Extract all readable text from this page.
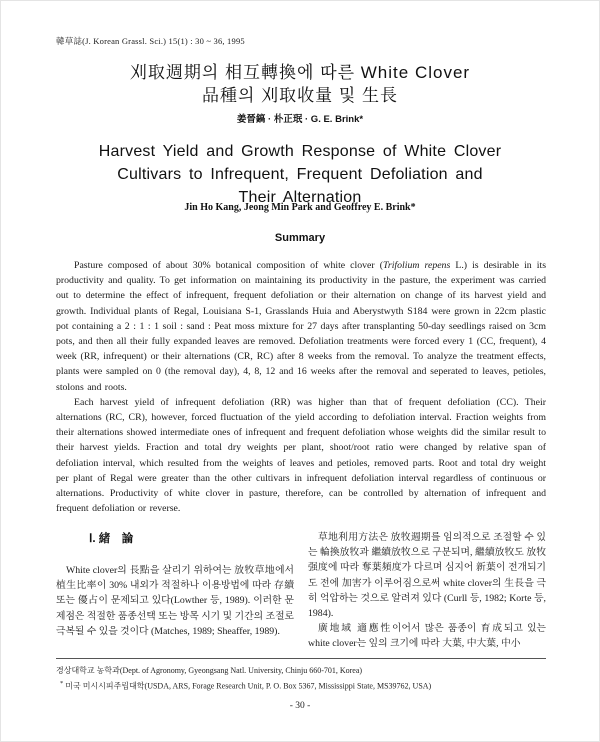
韓草誌(J. Korean Grassl. Sci.) 15(1) : 30 ~ 36, 1995
刈取週期의 相互轉換에 따른 White Clover
品種의 刈取收量 및 生長
姜晉鎬 · 朴正珉 · G. E. Brink*
Harvest Yield and Growth Response of White Clover
Cultivars to Infrequent, Frequent Defoliation and
Their Alternation
Jin Ho Kang, Jeong Min Park and Geoffrey E. Brink*
Summary

Pasture composed of about 30% botanical composition of white clover (Trifolium repens L.) is desirable in its productivity and quality. To get information on maintaining its productivity in the pasture, the experiment was carried out to determine the effect of infrequent, frequent defoliation or their alternation on change of its harvest yield and growth. Individual plants of Regal, Louisiana S-1, Grasslands Huia and Aberystwyth S184 were grown in 22cm plastic pot containing a 2 : 1 : 1 soil : sand : Peat moss mixture for 27 days after transplanting 50-day seedlings raised on 3cm pots, and then all their fully expanded leaves are removed. Defoliation treatments were forced every 1 (CC, frequent), 4 week (RR, infrequent) or their alternations (CR, RC) after 8 weeks from the removal. To analyze the treatment effects, plants were sampled on 0 (the removal day), 4, 8, 12 and 16 weeks after the removal and seperated to leaves, petioles, stolons and roots.

Each harvest yield of infrequent defoliation (RR) was higher than that of frequent defoliation (CC). Their alternations (RC, CR), however, forced fluctuation of the yield according to defoliation interval. Fraction weights from their alternations showed intermediate ones of infrequent and frequent defoliation whose weights did the similar result to their harvest yields. Fraction and total dry weights per plant, shoot/root ratio were changed by relative span of defoliation interval, which resulted from the weights of leaves and petioles, removed parts. Root and total dry weight per plant of Regal were greater than the other cultivars in infrequent defoliation interval regardless of continuous or alternations. Productivity of white clover in pasture, therefore, can be controlled by alternation of infrequent and frequent defoliation or reverse.

Ⅰ. 緒　論

White clover의 長點을 살리기 위하여는 放牧草地에서 植生比率이 30% 내외가 적절하나 이용방법에 따라 存續 또는 優占이 문제되고 있다(Lowther 등, 1989). 이러한 문제점은 적절한 품종선택 또는 방목 시기 및 기간의 조절로 극복될 수 있을 것이다 (Matches, 1989; Sheaffer, 1989).

草地利用方法은 放牧週期를 임의적으로 조절할 수 있는 輪換放牧과 繼續放牧으로 구분되며, 繼續放牧도 放牧强度에 따라 奪葉頻度가 다르며 심지어 新葉이 전개되기도 전에 加害가 이루어짐으로써 white clover의 生長을 극히 억압하는 것으로 알려져 있다 (Curll 등, 1982; Korte 등, 1984).

廣地域 適應性이어서 많은 품종이 育成되고 있는 white clover는 잎의 크기에 따라 大葉, 中大葉, 中小

경상대학교 농학과(Dept. of Agronomy, Gyeongsang Natl. University, Chinju 660-701, Korea)

* 미국 미시시피주립대학(USDA, ARS, Forage Research Unit, P. O. Box 5367, Mississippi State, MS39762, USA)

- 30 -
